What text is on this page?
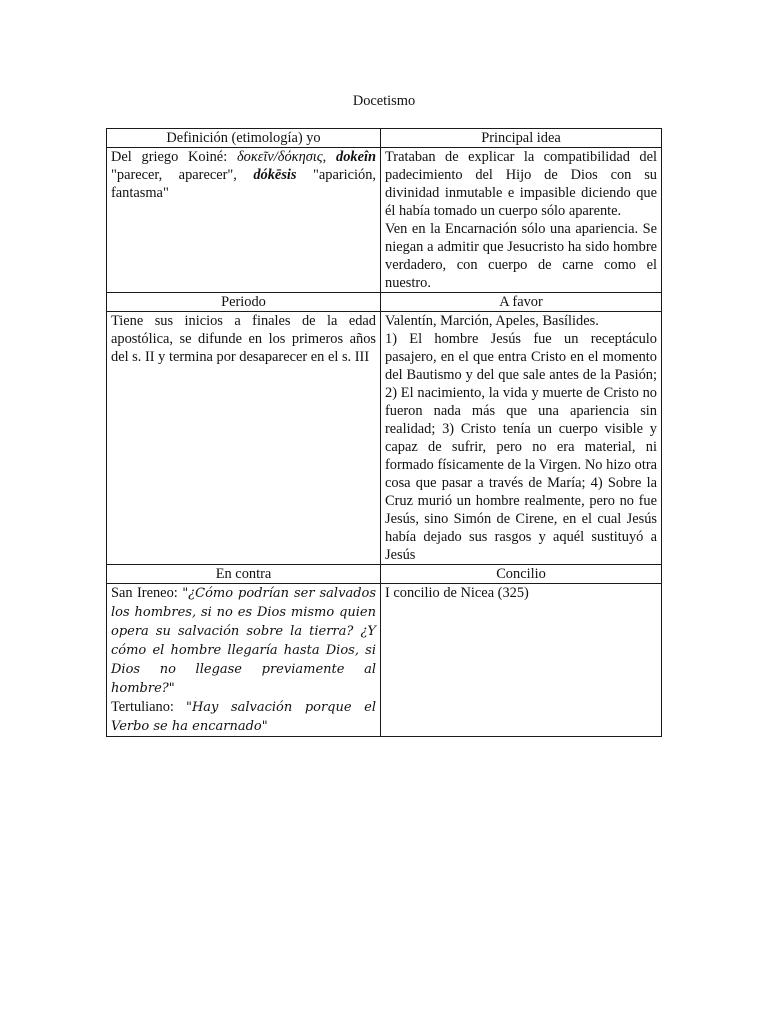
Docetismo
Definición (etimología) yo	Principal idea
Del griego Koiné: δοκεῖν/δόκησις, dokeîn "parecer, aparecer", dókēsis "aparición, fantasma"	Trataban de explicar la compatibilidad del padecimiento del Hijo de Dios con su divinidad inmutable e impasible diciendo que él había tomado un cuerpo sólo aparente.
Ven en la Encarnación sólo una apariencia. Se niegan a admitir que Jesucristo ha sido hombre verdadero, con cuerpo de carne como el nuestro.

Periodo	A favor
Tiene sus inicios a finales de la edad apostólica, se difunde en los primeros años del s. II y termina por desaparecer en el s. III	Valentín, Marción, Apeles, Basílides.
1) El hombre Jesús fue un receptáculo pasajero, en el que entra Cristo en el momento del Bautismo y del que sale antes de la Pasión; 2) El nacimiento, la vida y muerte de Cristo no fueron nada más que una apariencia sin realidad; 3) Cristo tenía un cuerpo visible y capaz de sufrir, pero no era material, ni formado físicamente de la Virgen. No hizo otra cosa que pasar a través de María; 4) Sobre la Cruz murió un hombre realmente, pero no fue Jesús, sino Simón de Cirene, en el cual Jesús había dejado sus rasgos y aquél sustituyó a Jesús

En contra	Concilio

San Ireneo: "¿Cómo podrían ser salvados los hombres, si no es Dios mismo quien opera su salvación sobre la tierra? ¿Y cómo el hombre llegaría hasta Dios, si Dios no llegase previamente al hombre?"
Tertuliano: "Hay salvación porque el Verbo se ha encarnado"	I concilio de Nicea (325)
